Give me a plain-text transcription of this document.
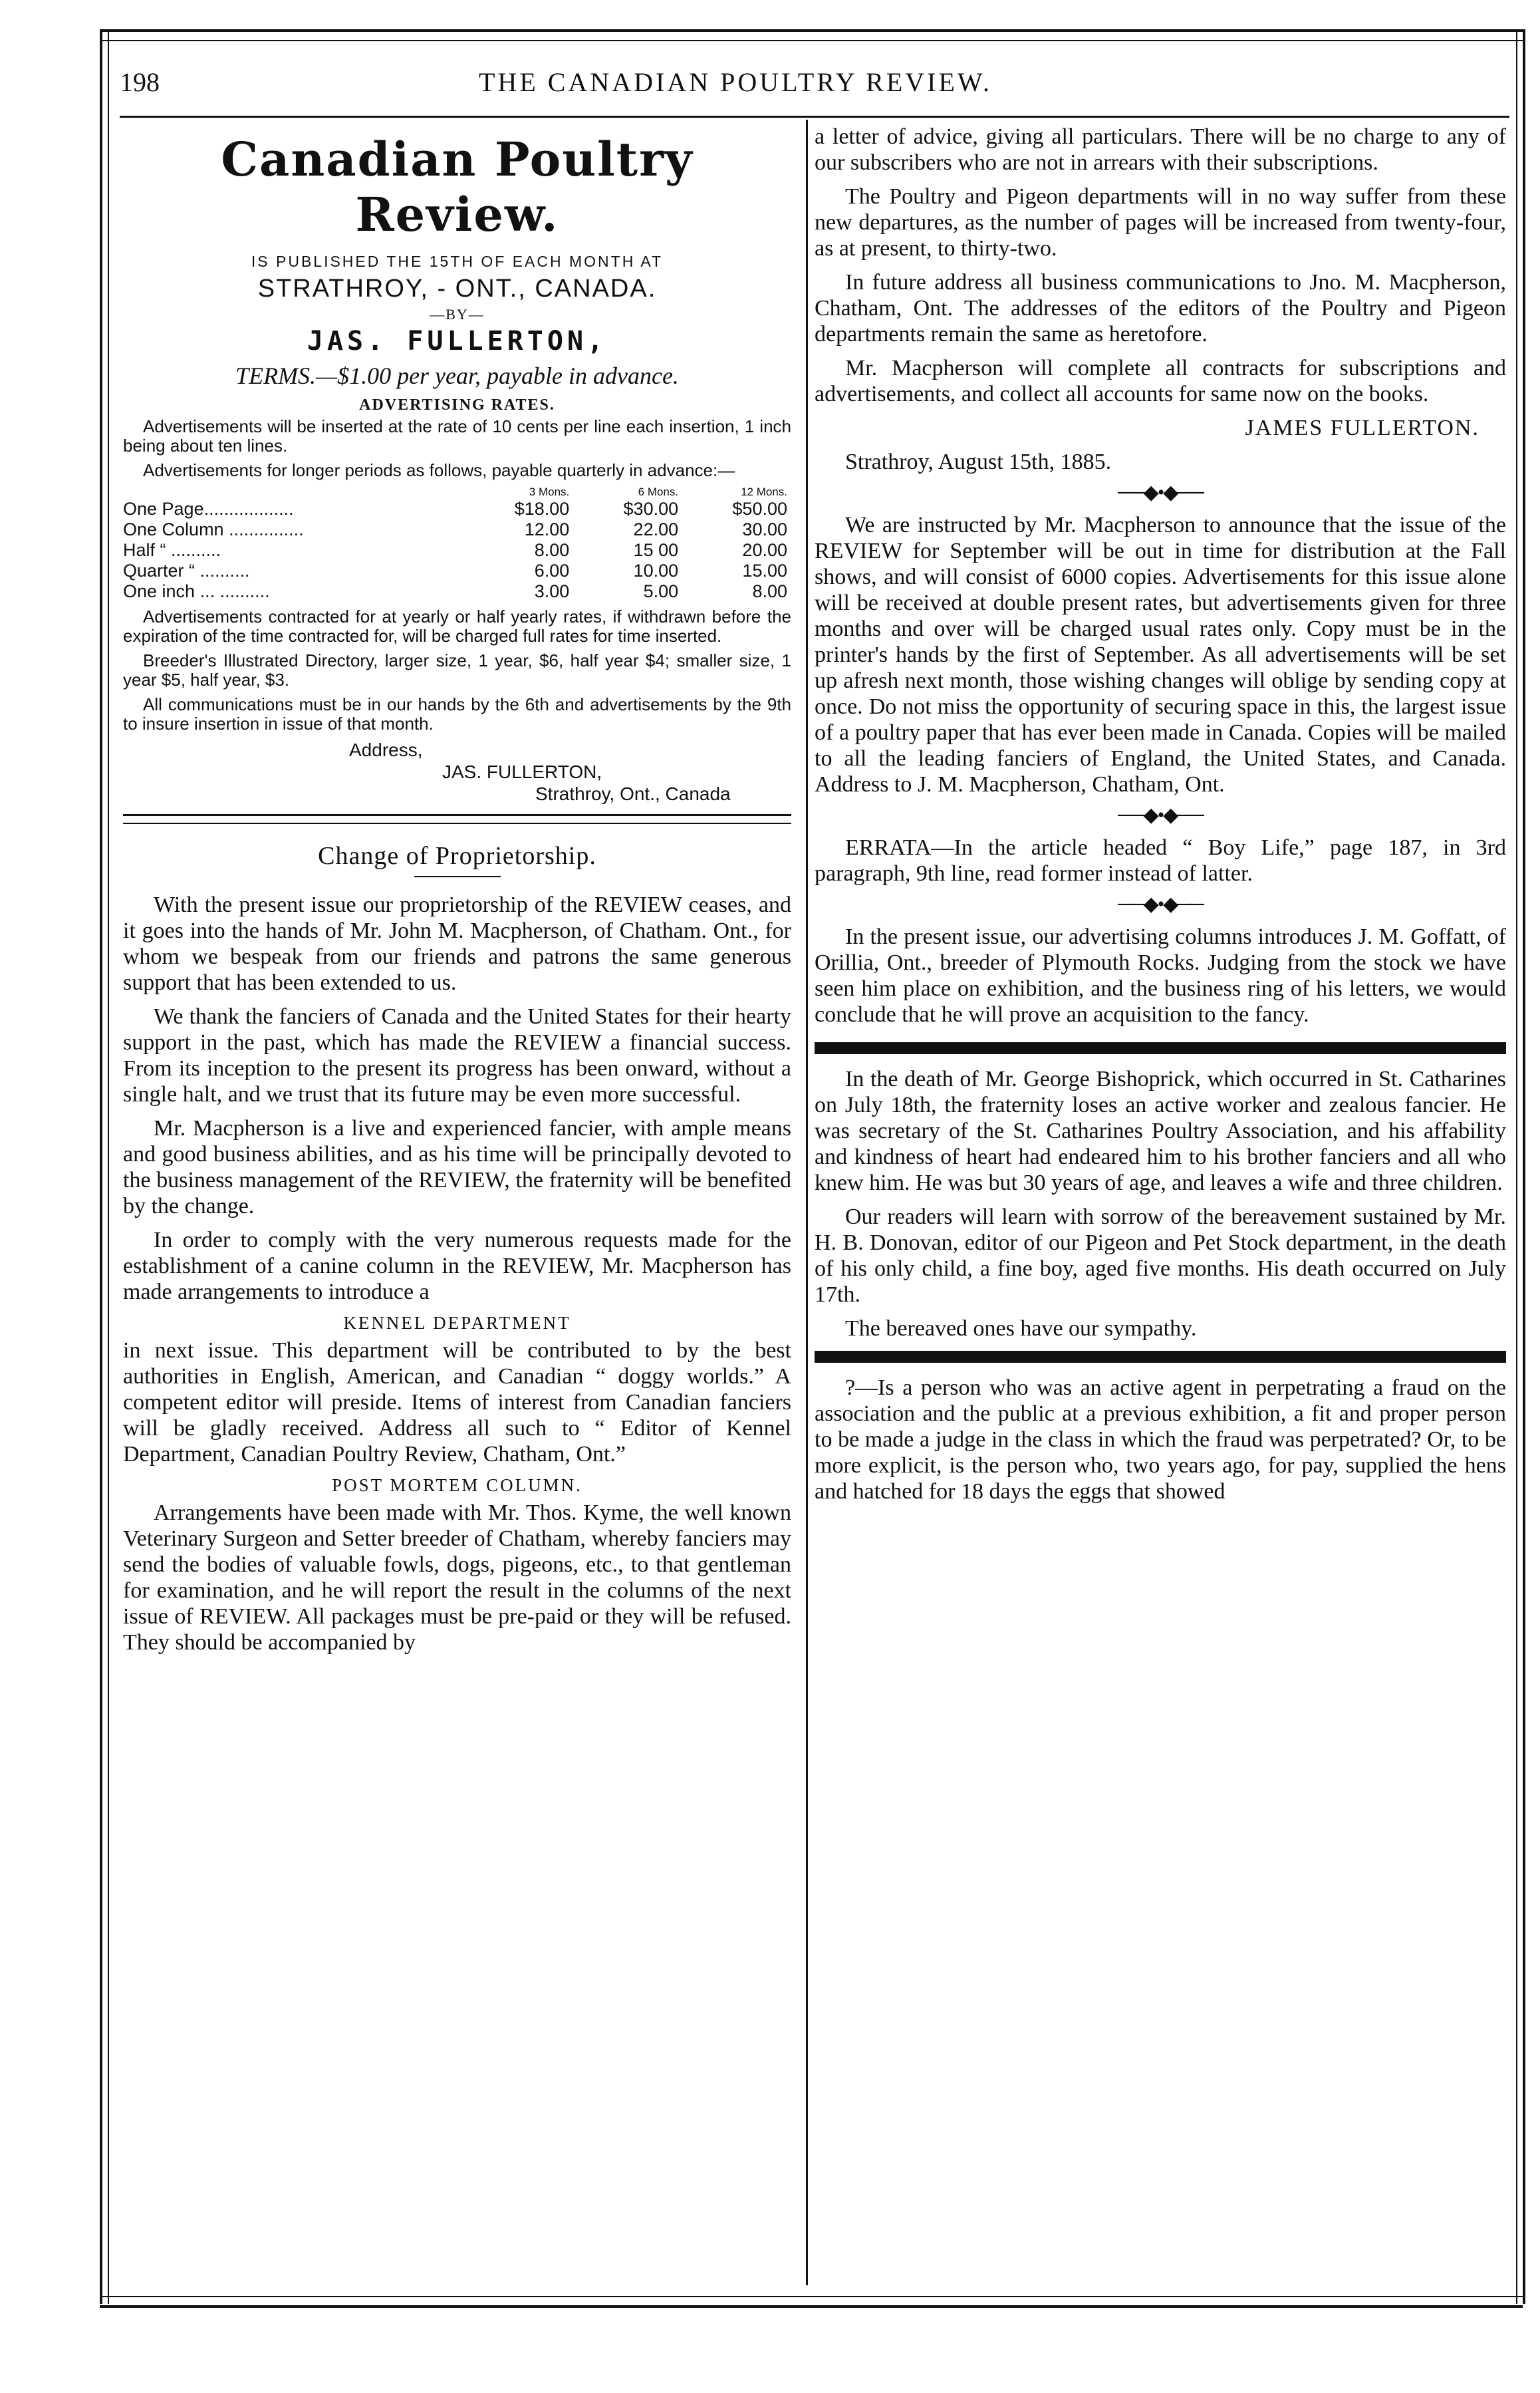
198	THE CANADIAN POULTRY REVIEW.
Canadian Poultry Review.
IS PUBLISHED THE 15TH OF EACH MONTH AT
STRATHROY, - ONT., CANADA.
—BY—
JAS. FULLERTON,
TERMS.—$1.00 per year, payable in advance.
ADVERTISING RATES.

Advertisements will be inserted at the rate of 10 cents per line each insertion, 1 inch being about ten lines.

Advertisements for longer periods as follows, payable quarterly in advance:—

	3 Mons.	6 Mons.	12 Mons.
One Page..................	$18.00	$30.00	$50.00
One Column ...............	12.00	22.00	30.00
Half “ ..........	8.00	15 00	20.00
Quarter “ ..........	6.00	10.00	15.00
One inch ... ..........	3.00	5.00	8.00

Advertisements contracted for at yearly or half yearly rates, if withdrawn before the expiration of the time contracted for, will be charged full rates for time inserted.

Breeder's Illustrated Directory, larger size, 1 year, $6, half year $4; smaller size, 1 year $5, half year, $3.

All communications must be in our hands by the 6th and advertisements by the 9th to insure insertion in issue of that month.

Address,

JAS. FULLERTON,

Strathroy, Ont., Canada

Change of Proprietorship.

With the present issue our proprietorship of the REVIEW ceases, and it goes into the hands of Mr. John M. Macpherson, of Chatham. Ont., for whom we bespeak from our friends and patrons the same generous support that has been extended to us.

We thank the fanciers of Canada and the United States for their hearty support in the past, which has made the REVIEW a financial success. From its inception to the present its progress has been onward, without a single halt, and we trust that its future may be even more successful.

Mr. Macpherson is a live and experienced fancier, with ample means and good business abilities, and as his time will be principally devoted to the business management of the REVIEW, the fraternity will be benefited by the change.

In order to comply with the very numerous requests made for the establishment of a canine column in the REVIEW, Mr. Macpherson has made arrangements to introduce a

KENNEL DEPARTMENT

in next issue. This department will be contributed to by the best authorities in English, American, and Canadian “ doggy worlds.” A competent editor will preside. Items of interest from Canadian fanciers will be gladly received. Address all such to “ Editor of Kennel Department, Canadian Poultry Review, Chatham, Ont.”

POST MORTEM COLUMN.

Arrangements have been made with Mr. Thos. Kyme, the well known Veterinary Surgeon and Setter breeder of Chatham, whereby fanciers may send the bodies of valuable fowls, dogs, pigeons, etc., to that gentleman for examination, and he will report the result in the columns of the next issue of REVIEW. All packages must be pre-paid or they will be refused. They should be accompanied by

a letter of advice, giving all particulars. There will be no charge to any of our subscribers who are not in arrears with their subscriptions.

The Poultry and Pigeon departments will in no way suffer from these new departures, as the number of pages will be increased from twenty-four, as at present, to thirty-two.

In future address all business communications to Jno. M. Macpherson, Chatham, Ont. The addresses of the editors of the Poultry and Pigeon departments remain the same as heretofore.

Mr. Macpherson will complete all contracts for subscriptions and advertisements, and collect all accounts for same now on the books.

JAMES FULLERTON.

Strathroy, August 15th, 1885.

──◆•◆──

We are instructed by Mr. Macpherson to announce that the issue of the REVIEW for September will be out in time for distribution at the Fall shows, and will consist of 6000 copies. Advertisements for this issue alone will be received at double present rates, but advertisements given for three months and over will be charged usual rates only. Copy must be in the printer's hands by the first of September. As all advertisements will be set up afresh next month, those wishing changes will oblige by sending copy at once. Do not miss the opportunity of securing space in this, the largest issue of a poultry paper that has ever been made in Canada. Copies will be mailed to all the leading fanciers of England, the United States, and Canada. Address to J. M. Macpherson, Chatham, Ont.

──◆•◆──

ERRATA—In the article headed “ Boy Life,” page 187, in 3rd paragraph, 9th line, read former instead of latter.

──◆•◆──

In the present issue, our advertising columns introduces J. M. Goffatt, of Orillia, Ont., breeder of Plymouth Rocks. Judging from the stock we have seen him place on exhibition, and the business ring of his letters, we would conclude that he will prove an acquisition to the fancy.

In the death of Mr. George Bishoprick, which occurred in St. Catharines on July 18th, the fraternity loses an active worker and zealous fancier. He was secretary of the St. Catharines Poultry Association, and his affability and kindness of heart had endeared him to his brother fanciers and all who knew him. He was but 30 years of age, and leaves a wife and three children.

Our readers will learn with sorrow of the bereavement sustained by Mr. H. B. Donovan, editor of our Pigeon and Pet Stock department, in the death of his only child, a fine boy, aged five months. His death occurred on July 17th.

The bereaved ones have our sympathy.

?—Is a person who was an active agent in perpetrating a fraud on the association and the public at a previous exhibition, a fit and proper person to be made a judge in the class in which the fraud was perpetrated? Or, to be more explicit, is the person who, two years ago, for pay, supplied the hens and hatched for 18 days the eggs that showed
